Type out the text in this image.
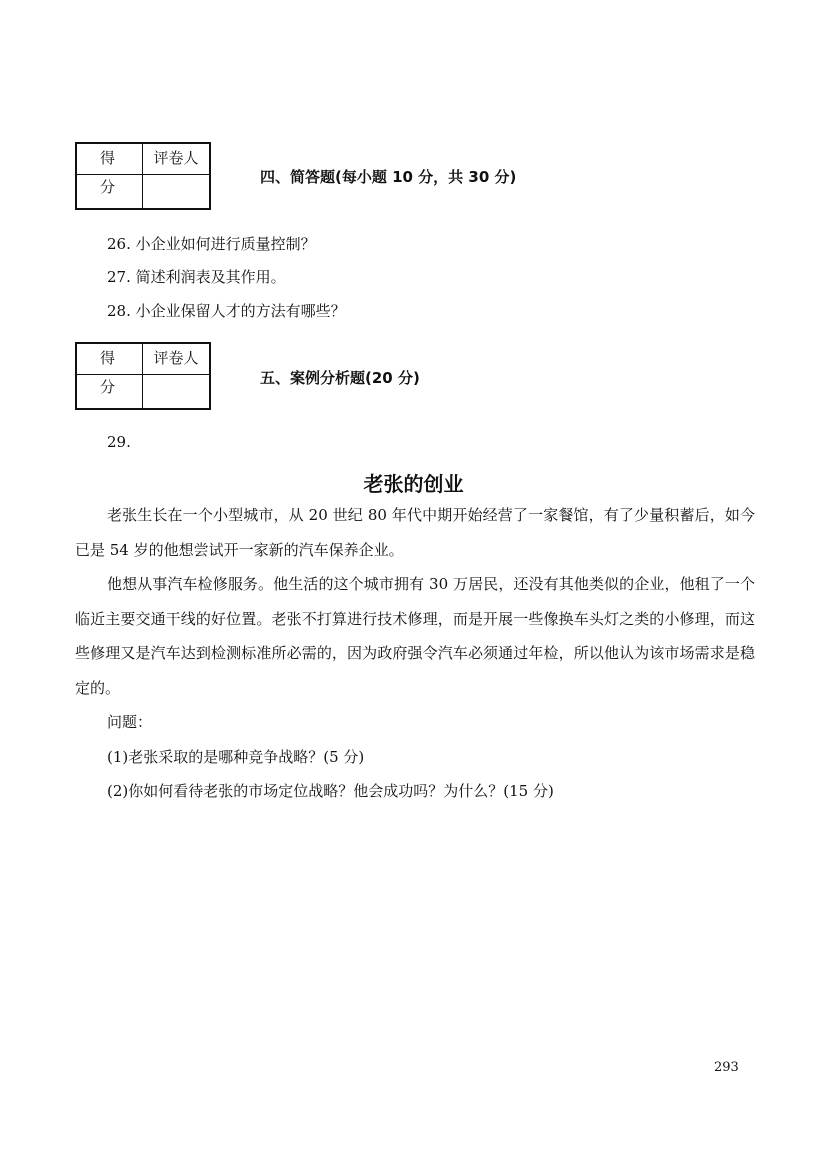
得 分
评卷人
四、简答题(每小题 10 分，共 30 分)
26. 小企业如何进行质量控制？
27. 简述利润表及其作用。
28. 小企业保留人才的方法有哪些？
得 分
评卷人
五、案例分析题(20 分)
29.
老张的创业

老张生长在一个小型城市，从 20 世纪 80 年代中期开始经营了一家餐馆，有了少量积蓄后，如今已是 54 岁的他想尝试开一家新的汽车保养企业。

他想从事汽车检修服务。他生活的这个城市拥有 30 万居民，还没有其他类似的企业，他租了一个临近主要交通干线的好位置。老张不打算进行技术修理，而是开展一些像换车头灯之类的小修理，而这些修理又是汽车达到检测标准所必需的，因为政府强令汽车必须通过年检，所以他认为该市场需求是稳定的。

问题：

(1)老张采取的是哪种竞争战略？(5 分)

(2)你如何看待老张的市场定位战略？他会成功吗？为什么？(15 分)

293
